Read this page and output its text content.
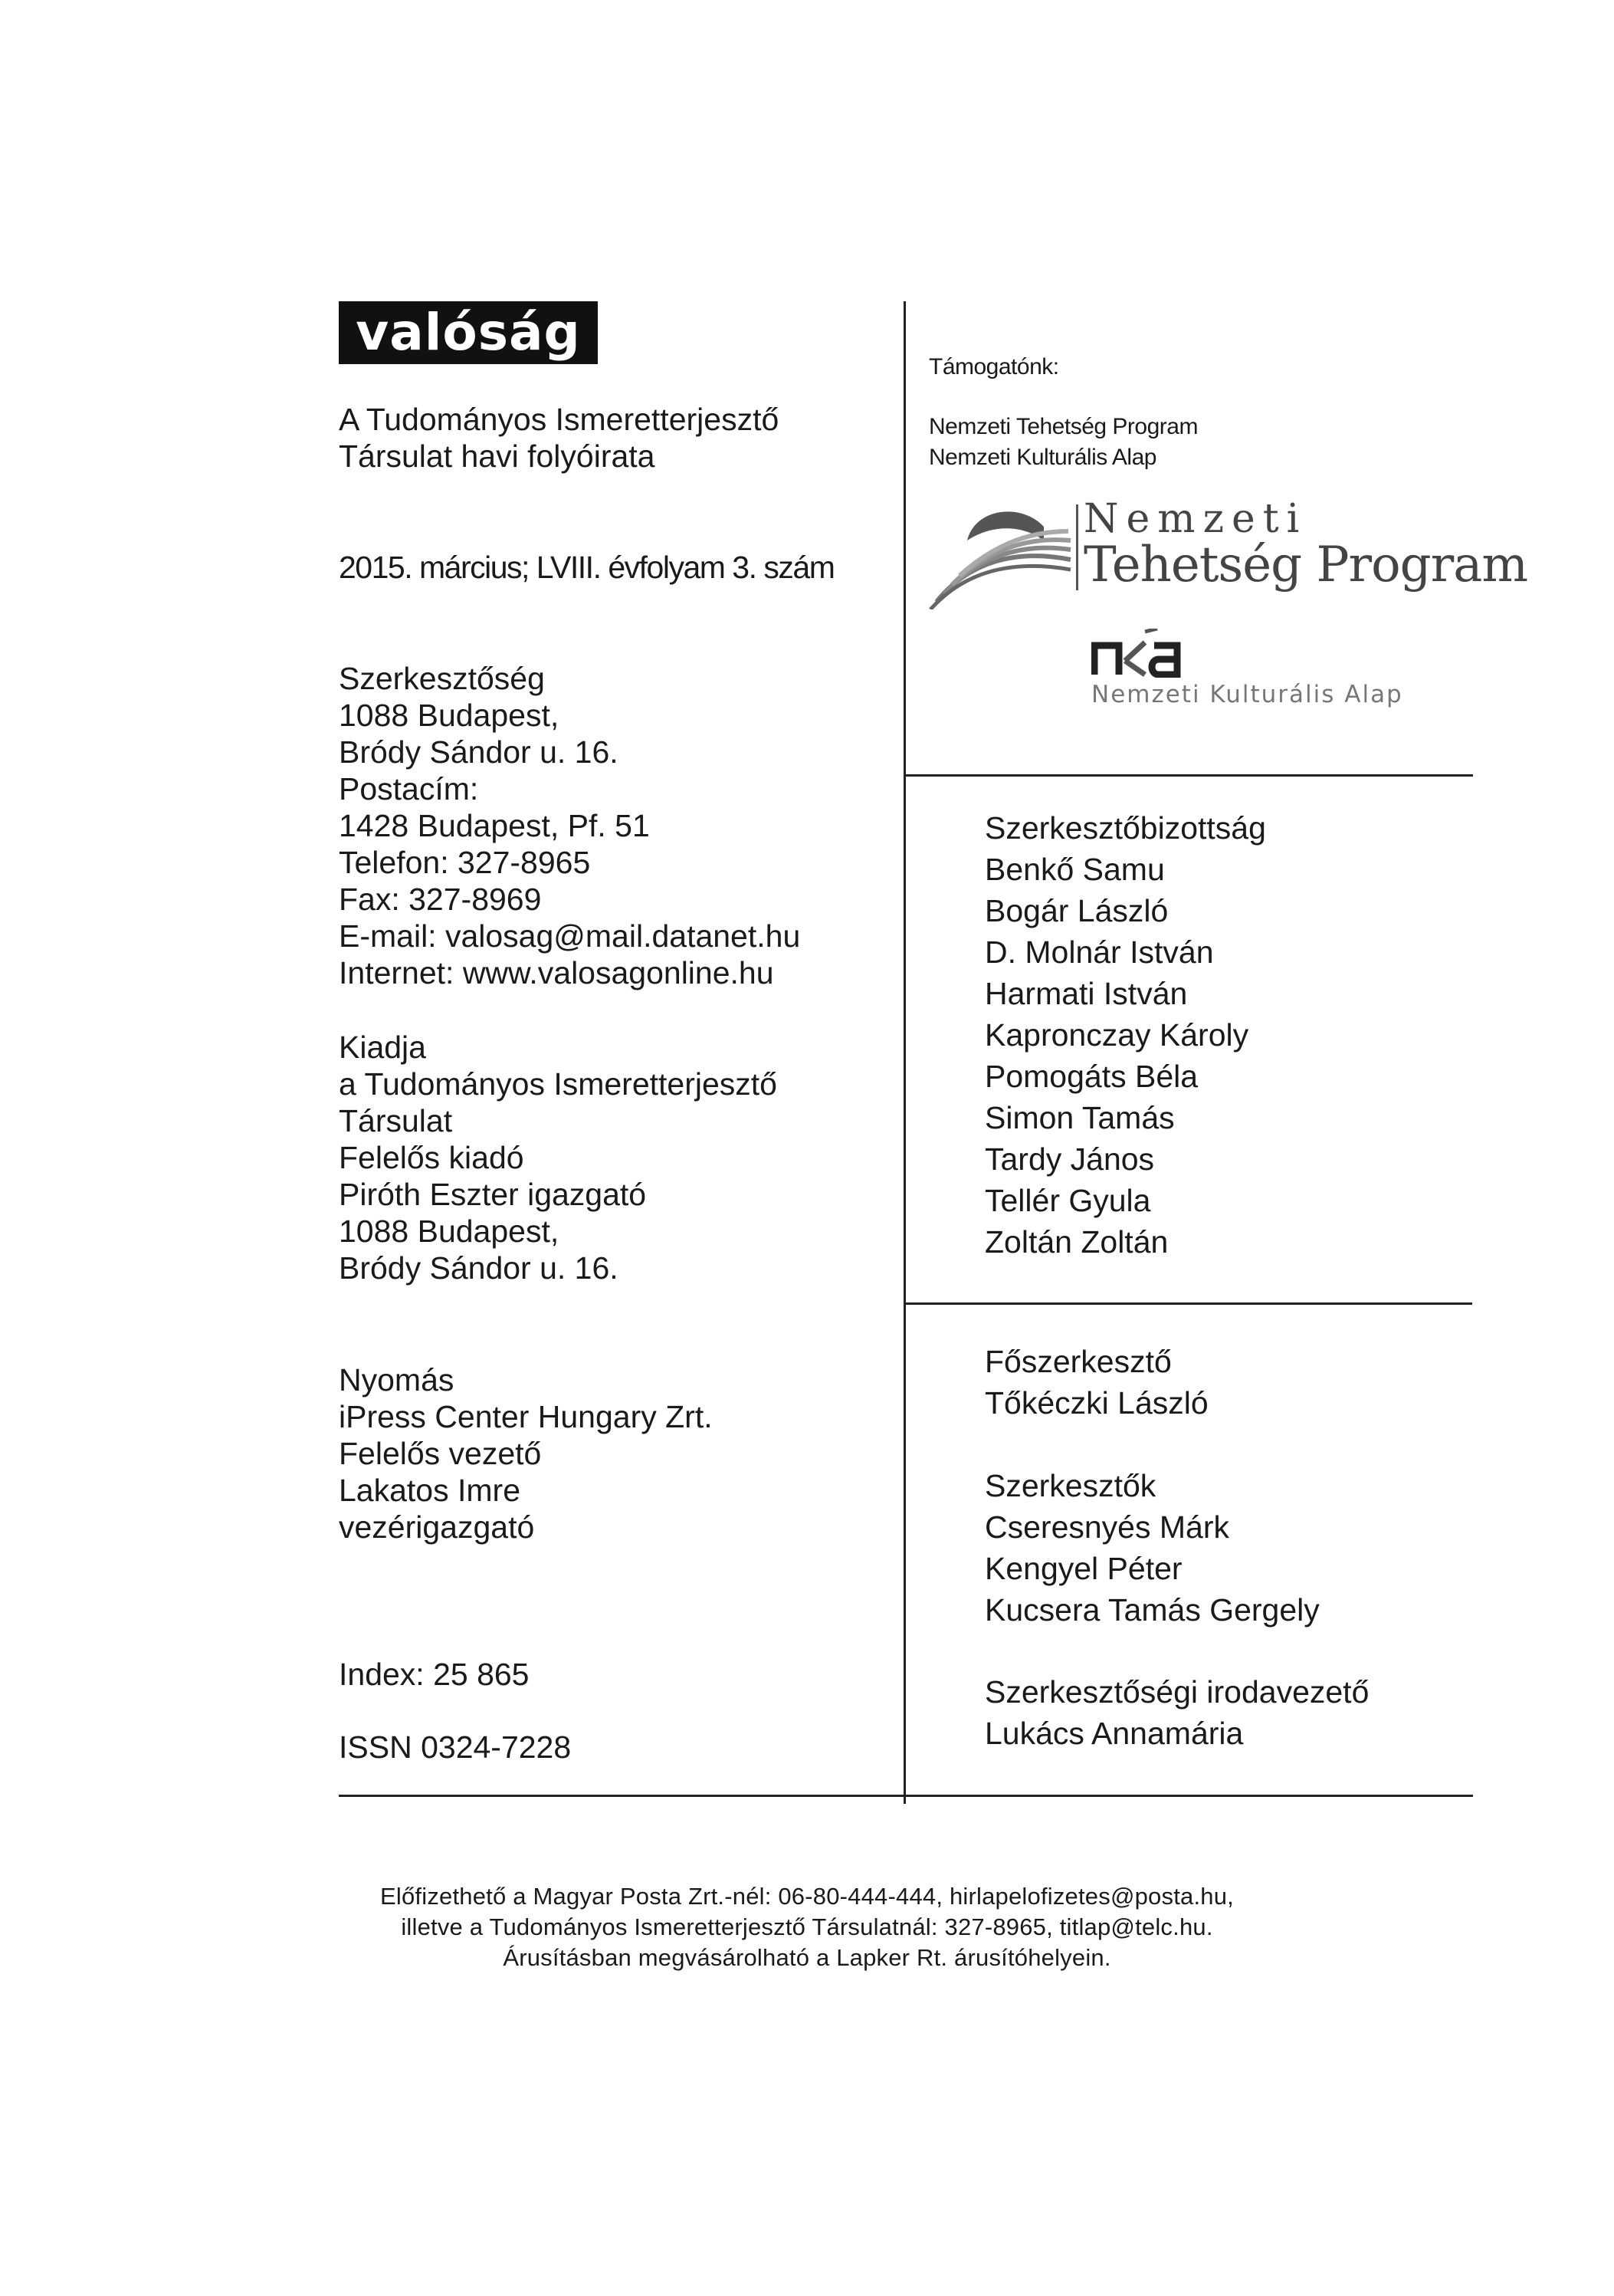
valóság
A Tudományos Ismeretterjesztő
Társulat havi folyóirata
2015. március; LVIII. évfolyam 3. szám
Szerkesztőség
1088 Budapest,
Bródy Sándor u. 16.
Postacím:
1428 Budapest, Pf. 51
Telefon: 327-8965
Fax: 327-8969
E-mail: valosag@mail.datanet.hu
Internet: www.valosagonline.hu
Kiadja
a Tudományos Ismeretterjesztő
Társulat
Felelős kiadó
Piróth Eszter igazgató
1088 Budapest,
Bródy Sándor u. 16.
Nyomás
iPress Center Hungary Zrt.
Felelős vezető
Lakatos Imre
vezérigazgató
Index: 25 865
ISSN 0324-7228
Támogatónk:
Nemzeti Tehetség Program
Nemzeti Kulturális Alap
Nemzeti
Tehetség Program
Nemzeti Kulturális Alap
Szerkesztőbizottság
Benkő Samu
Bogár László
D. Molnár István
Harmati István
Kapronczay Károly
Pomogáts Béla
Simon Tamás
Tardy János
Tellér Gyula
Zoltán Zoltán
Főszerkesztő
Tőkéczki László
Szerkesztők
Cseresnyés Márk
Kengyel Péter
Kucsera Tamás Gergely
Szerkesztőségi irodavezető
Lukács Annamária
Előfizethető a Magyar Posta Zrt.-nél: 06-80-444-444, hirlapelofizetes@posta.hu,
illetve a Tudományos Ismeretterjesztő Társulatnál: 327-8965, titlap@telc.hu.
Árusításban megvásárolható a Lapker Rt. árusítóhelyein.
